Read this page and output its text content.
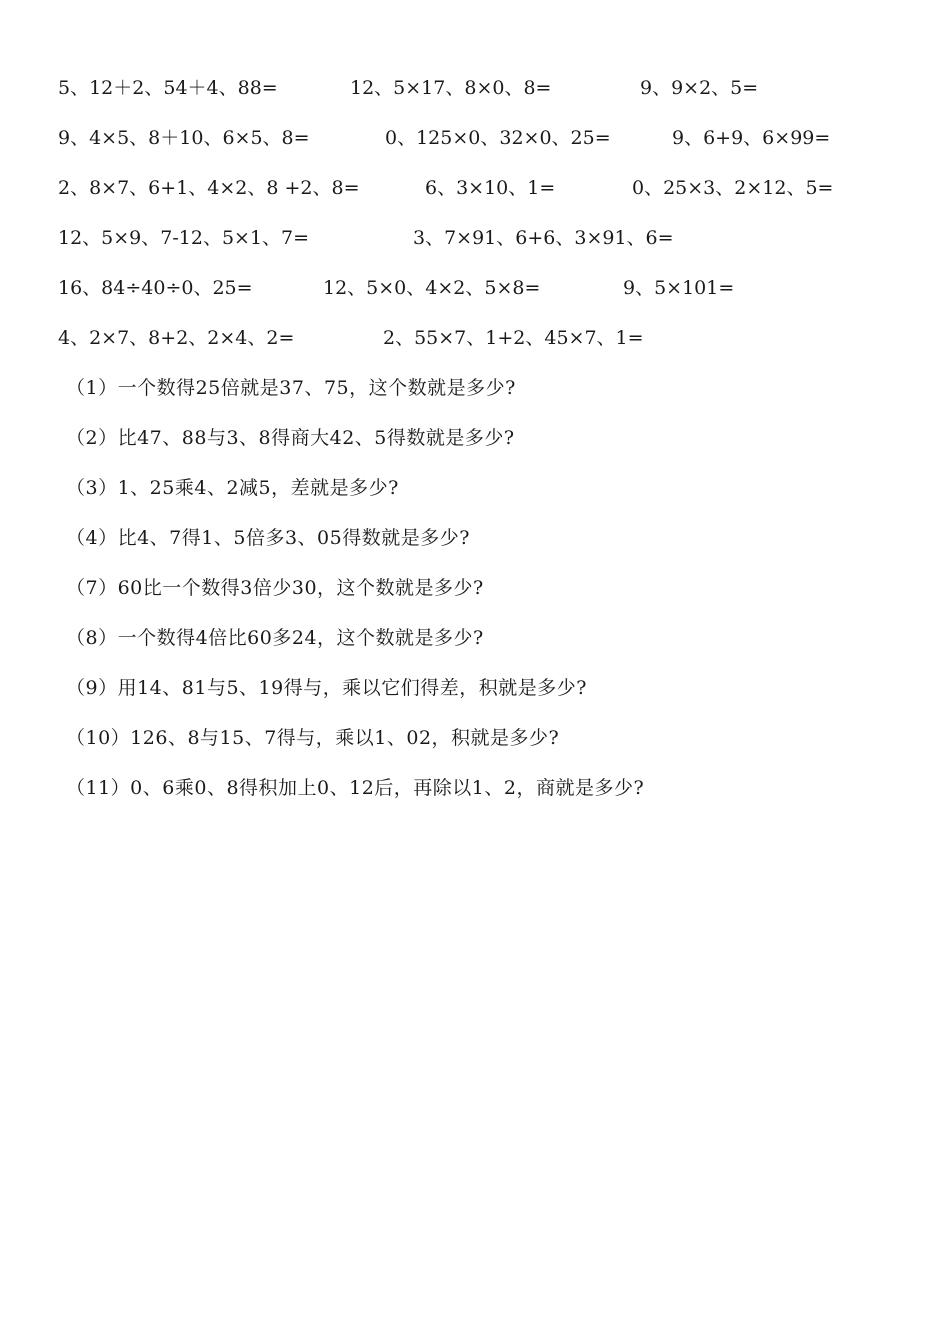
5、12＋2、54＋4、88=	12、5×17、8×0、8=	9、9×2、5=
9、4×5、8＋10、6×5、8=	0、125×0、32×0、25=	9、6+9、6×99=
2、8×7、6+1、4×2、8 +2、8=	6、3×10、1=	0、25×3、2×12、5=
12、5×9、7-12、5×1、7=	3、7×91、6+6、3×91、6=
16、84÷40÷0、25=	12、5×0、4×2、5×8=	9、5×101=
4、2×7、8+2、2×4、2=	2、55×7、1+2、45×7、1=
（1）一个数得25倍就是37、75，这个数就是多少?
（2）比47、88与3、8得商大42、5得数就是多少?
（3）1、25乘4、2减5，差就是多少?
（4）比4、7得1、5倍多3、05得数就是多少?
（7）60比一个数得3倍少30，这个数就是多少?
（8）一个数得4倍比60多24，这个数就是多少?
（9）用14、81与5、19得与，乘以它们得差，积就是多少?
（10）126、8与15、7得与，乘以1、02，积就是多少?
（11）0、6乘0、8得积加上0、12后，再除以1、2，商就是多少?
